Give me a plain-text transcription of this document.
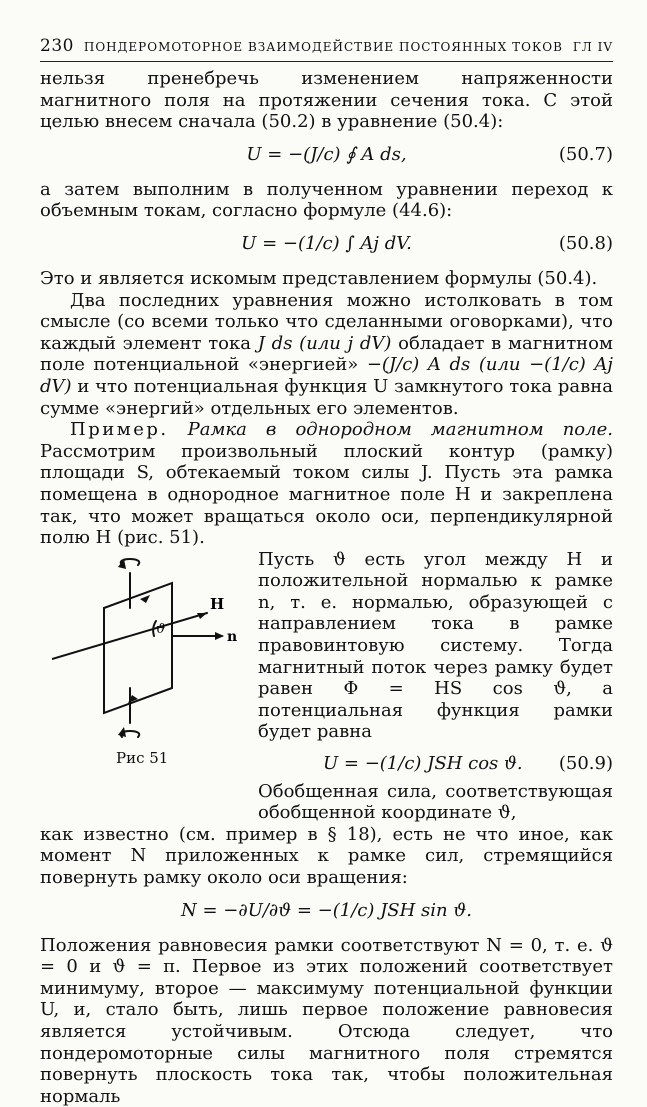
230 ПОНДЕРОМОТОРНОЕ ВЗАИМОДЕЙСТВИЕ ПОСТОЯННЫХ ТОКОВ ГЛ IV

нельзя пренебречь изменением напряженности магнитного поля на протяжении сечения тока. С этой целью внесем сначала (50.2) в уравнение (50.4):

U = −(J/c) ∮ A ds,	(50.7)

а затем выполним в полученном уравнении переход к объемным токам, согласно формуле (44.6):

U = −(1/c) ∫ Aj dV.	(50.8)

Это и является искомым представлением формулы (50.4).

Два последних уравнения можно истолковать в том смысле (со всеми только что сделанными оговорками), что каждый элемент тока J ds (или j dV) обладает в магнитном поле потенциальной «энергией» −(J/c) A ds (или −(1/c) Aj dV) и что потенциальная функция U замкнутого тока равна сумме «энергий» отдельных его элементов.

Пример. Рамка в однородном магнитном поле. Рассмотрим произвольный плоский контур (рамку) площади S, обтекаемый током силы J. Пусть эта рамка помещена в однородное магнитное поле H и закреплена так, что может вращаться около оси, перпендикулярной полю H (рис. 51).

H
n
ϑ
Рис 51

Пусть ϑ есть угол между H и положительной нормалью к рамке n, т. е. нормалью, образующей с направлением тока в рамке правовинтовую систему. Тогда магнитный поток через рамку будет равен Φ = HS cos ϑ, а потенциальная функция рамки будет равна

U = −(1/c) JSH cos ϑ. (50.9)

Обобщенная сила, соответствующая обобщенной координате ϑ,
как известно (см. пример в § 18), есть не что иное, как момент N приложенных к рамке сил, стремящийся повернуть рамку около оси вращения:

N = −∂U/∂ϑ = −(1/c) JSH sin ϑ.

Положения равновесия рамки соответствуют N = 0, т. е. ϑ = 0 и ϑ = π. Первое из этих положений соответствует минимуму, второе — максимуму потенциальной функции U, и, стало быть, лишь первое положение равновесия является устойчивым. Отсюда следует, что пондеромоторные силы магнитного поля стремятся повернуть плоскость тока так, чтобы положительная нормаль
